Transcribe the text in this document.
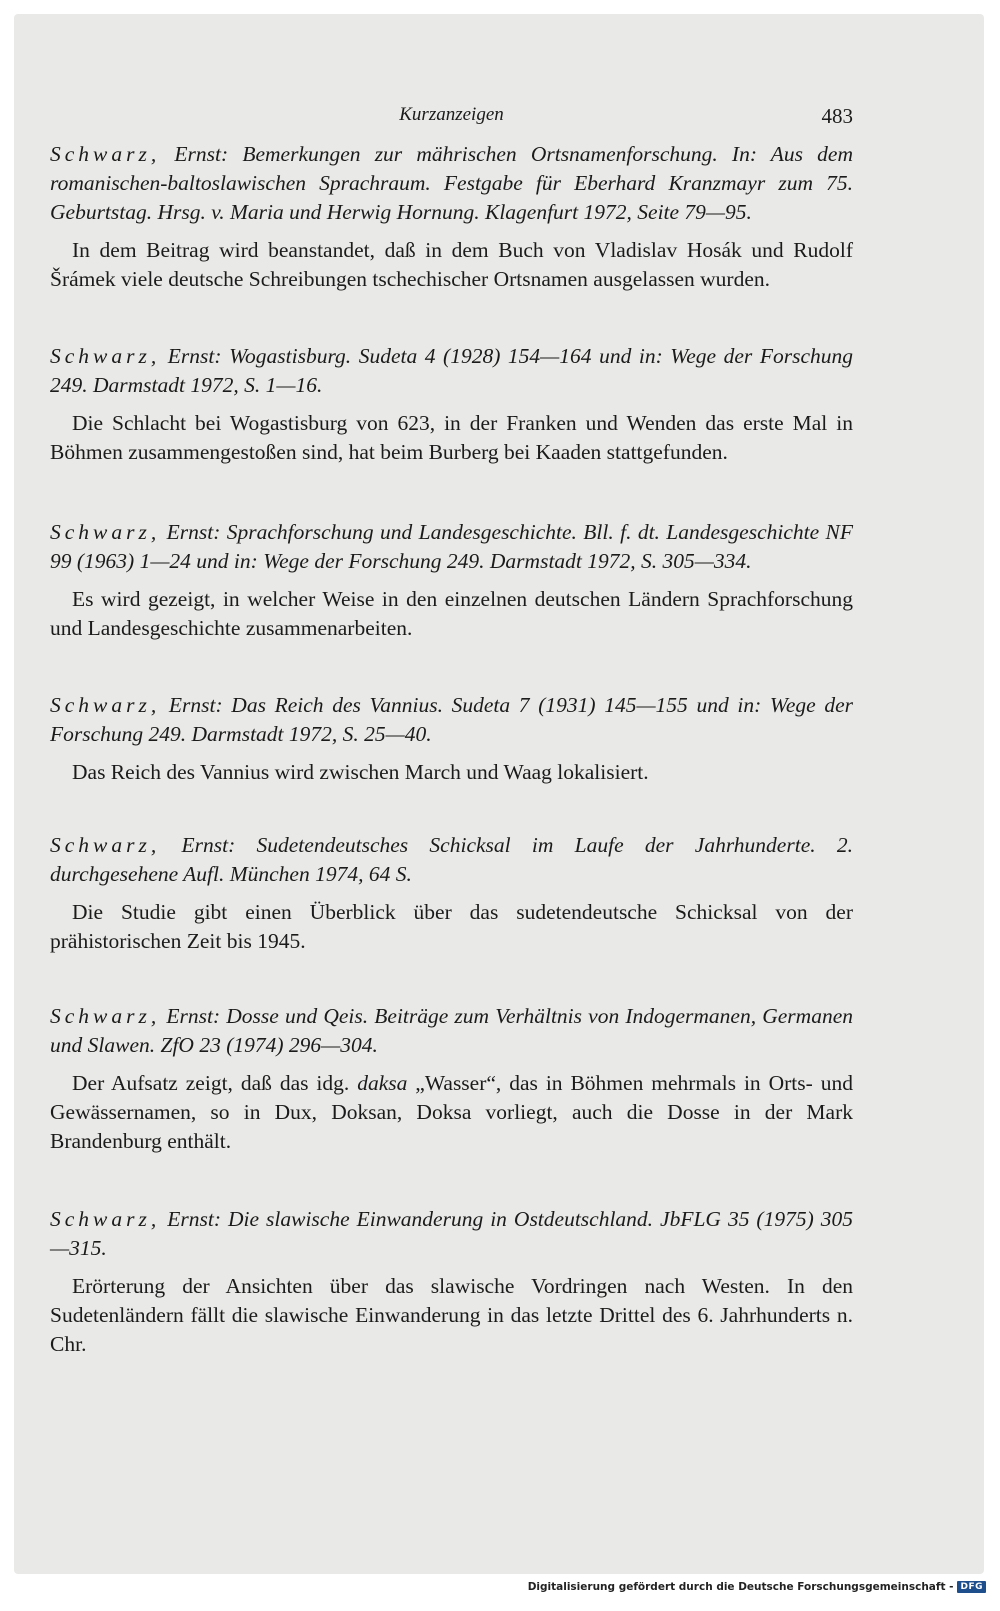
Kurzanzeigen	483

Schwarz, Ernst: Bemerkungen zur mährischen Ortsnamenforschung. In: Aus dem romanischen-baltoslawischen Sprachraum. Festgabe für Eberhard Kranzmayr zum 75. Geburtstag. Hrsg. v. Maria und Herwig Hornung. Klagenfurt 1972, Seite 79—95.

In dem Beitrag wird beanstandet, daß in dem Buch von Vladislav Hosák und Rudolf Šrámek viele deutsche Schreibungen tschechischer Ortsnamen ausgelassen wurden.

Schwarz, Ernst: Wogastisburg. Sudeta 4 (1928) 154—164 und in: Wege der Forschung 249. Darmstadt 1972, S. 1—16.

Die Schlacht bei Wogastisburg von 623, in der Franken und Wenden das erste Mal in Böhmen zusammengestoßen sind, hat beim Burberg bei Kaaden stattgefunden.

Schwarz, Ernst: Sprachforschung und Landesgeschichte. Bll. f. dt. Landesgeschichte NF 99 (1963) 1—24 und in: Wege der Forschung 249. Darmstadt 1972, S. 305—334.

Es wird gezeigt, in welcher Weise in den einzelnen deutschen Ländern Sprachforschung und Landesgeschichte zusammenarbeiten.

Schwarz, Ernst: Das Reich des Vannius. Sudeta 7 (1931) 145—155 und in: Wege der Forschung 249. Darmstadt 1972, S. 25—40.

Das Reich des Vannius wird zwischen March und Waag lokalisiert.

Schwarz, Ernst: Sudetendeutsches Schicksal im Laufe der Jahrhunderte. 2. durchgesehene Aufl. München 1974, 64 S.

Die Studie gibt einen Überblick über das sudetendeutsche Schicksal von der prähistorischen Zeit bis 1945.

Schwarz, Ernst: Dosse und Qeis. Beiträge zum Verhältnis von Indogermanen, Germanen und Slawen. ZfO 23 (1974) 296—304.

Der Aufsatz zeigt, daß das idg. daksa „Wasser“, das in Böhmen mehrmals in Orts- und Gewässernamen, so in Dux, Doksan, Doksa vorliegt, auch die Dosse in der Mark Brandenburg enthält.

Schwarz, Ernst: Die slawische Einwanderung in Ostdeutschland. JbFLG 35 (1975) 305—315.

Erörterung der Ansichten über das slawische Vordringen nach Westen. In den Sudetenländern fällt die slawische Einwanderung in das letzte Drittel des 6. Jahrhunderts n. Chr.

Digitalisierung gefördert durch die Deutsche Forschungsgemeinschaft - DFG
